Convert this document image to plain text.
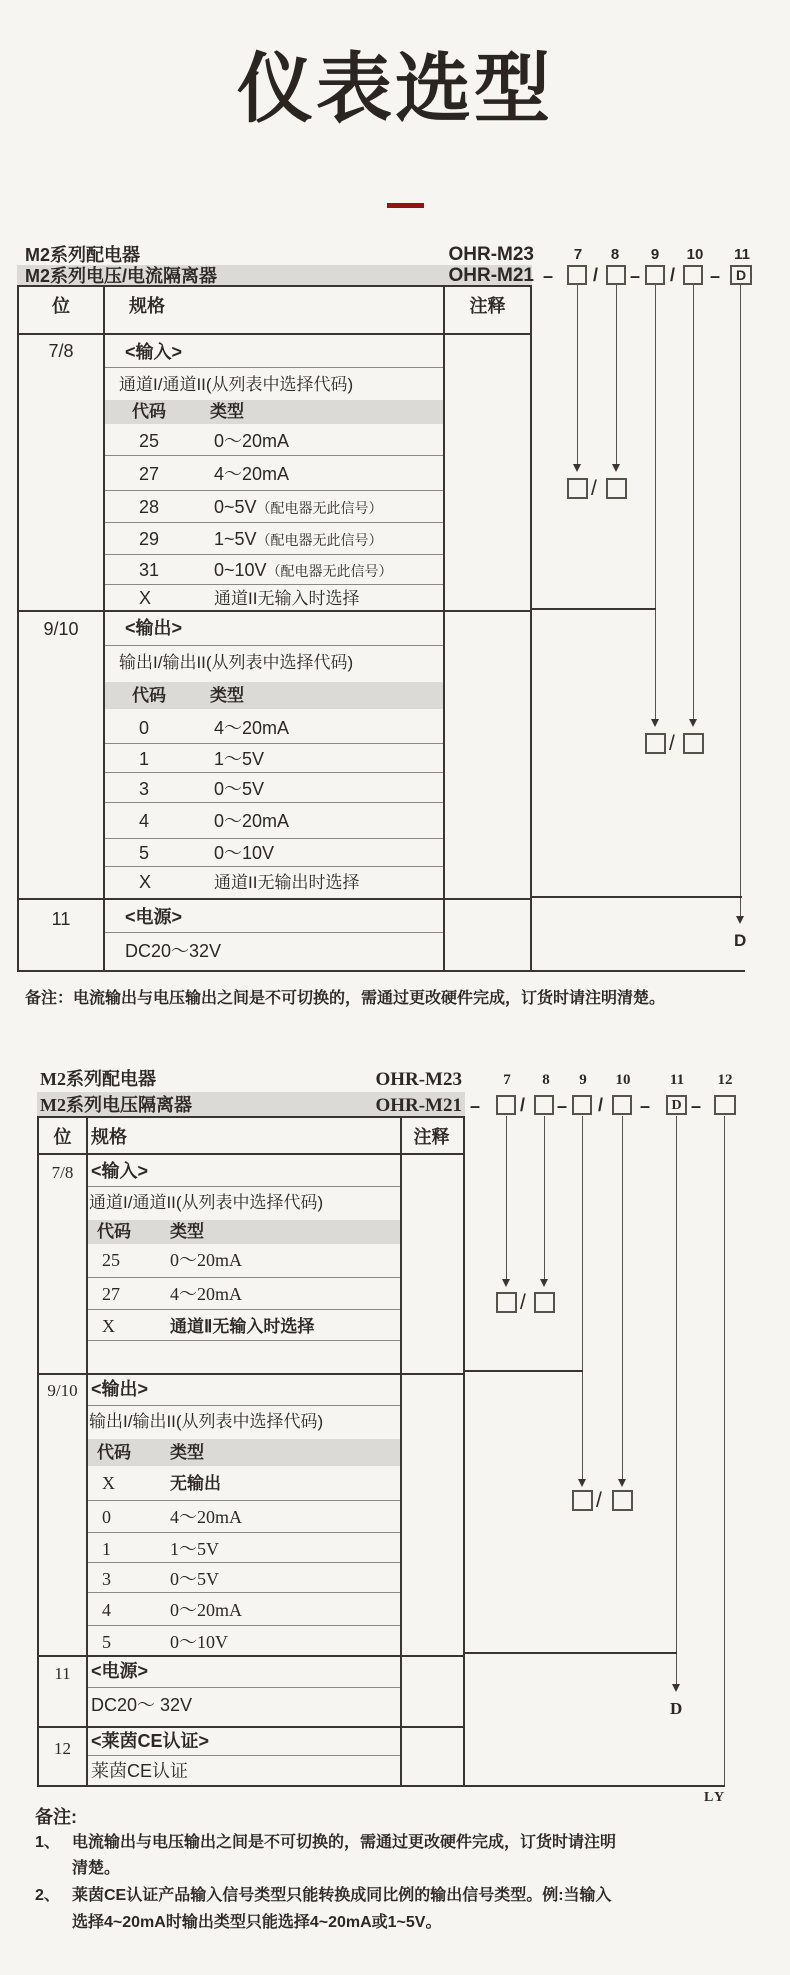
仪表选型
M2系列配电器	OHR-M23
M2系列电压/电流隔离器	OHR-M21
7	8	9	10 11
– / – / –	D
/
/
D
位	规格	注释
7/8	<输入>
通道I/通道II(从列表中选择代码)
代码	类型
25	0～20mA
27	4～20mA
28	0~5V（配电器无此信号）
29	1~5V（配电器无此信号）
31	0~10V（配电器无此信号）
X	通道II无输入时选择
9/10	<输出>
输出I/输出II(从列表中选择代码)
代码	类型
0	4～20mA
1	1～5V
3	0～5V
4	0～20mA
5	0～10V
X	通道II无输出时选择
11	<电源>
DC20～32V
备注：电流输出与电压输出之间是不可切换的，需通过更改硬件完成，订货时请注明清楚。
M2系列配电器	OHR-M23
M2系列电压隔离器	OHR-M21
7	8	9	10	11	12
– / – / –	D –
/
/
D
LY
位	规格	注释
7/8 <输入>
通道I/通道II(从列表中选择代码)
代码 类型
25	0～20mA
27	4～20mA
X	通道Ⅱ无输入时选择
9/10 <输出>
输出I/输出II(从列表中选择代码)
代码 类型
X	无输出
0	4～20mA
1	1～5V
3	0～5V
4	0～20mA
5	0～10V
11	<电源>
DC20～ 32V
12	<莱茵CE认证>
莱茵CE认证
备注:
1、 电流输出与电压输出之间是不可切换的，需通过更改硬件完成，订货时请注明
清楚。
2、 莱茵CE认证产品输入信号类型只能转换成同比例的输出信号类型。例:当输入
选择4~20mA时输出类型只能选择4~20mA或1~5V。
